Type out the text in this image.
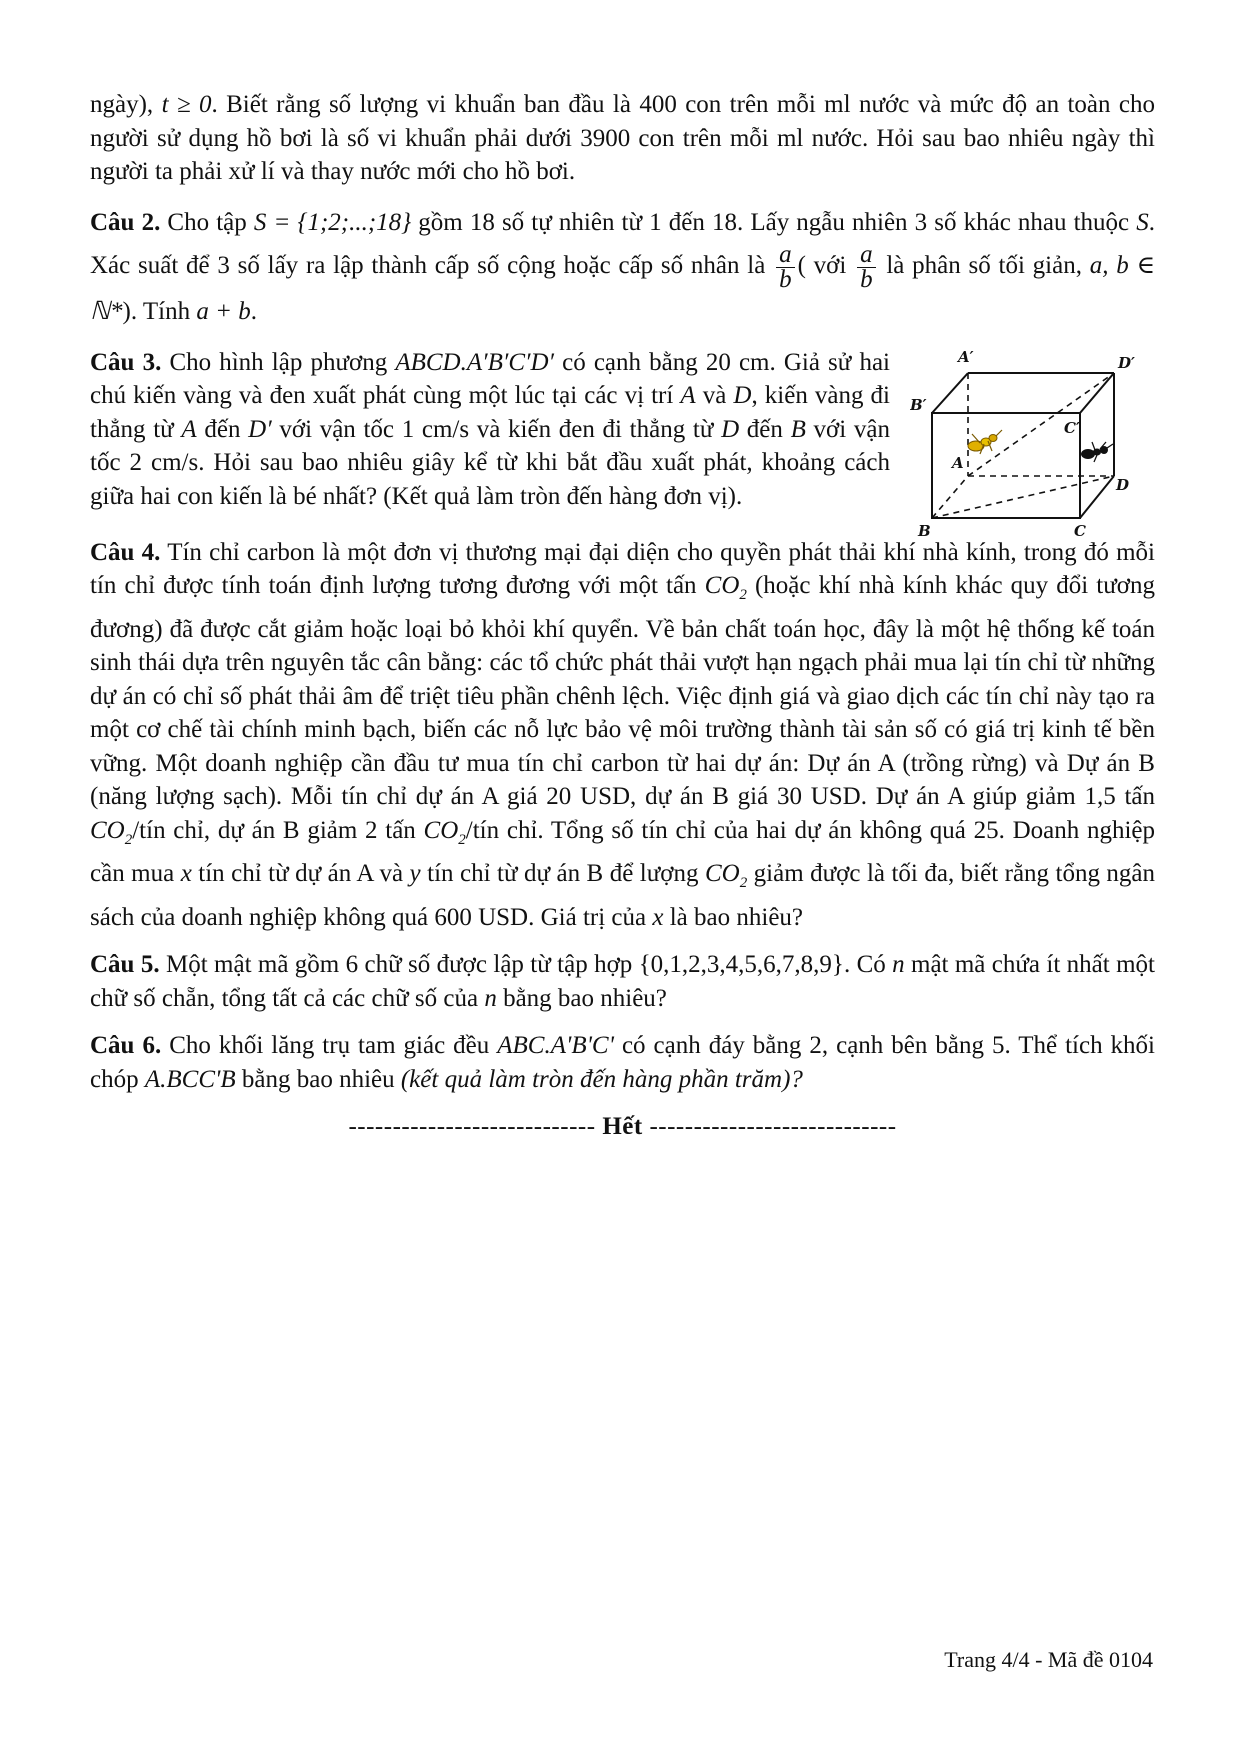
ngày), t ≥ 0. Biết rằng số lượng vi khuẩn ban đầu là 400 con trên mỗi ml nước và mức độ an toàn cho người sử dụng hồ bơi là số vi khuẩn phải dưới 3900 con trên mỗi ml nước. Hỏi sau bao nhiêu ngày thì người ta phải xử lí và thay nước mới cho hồ bơi.

Câu 2. Cho tập S = {1;2;...;18} gồm 18 số tự nhiên từ 1 đến 18. Lấy ngẫu nhiên 3 số khác nhau thuộc S. Xác suất để 3 số lấy ra lập thành cấp số cộng hoặc cấp số nhân là $\frac{a}{b}$ ( với $\frac{a}{b}$ là phân số tối giản, a, b ∈ ℕ*). Tính a + b.

Câu 3. Cho hình lập phương ABCD.A′B′C′D′ có cạnh bằng 20 cm. Giả sử hai chú kiến vàng và đen xuất phát cùng một lúc tại các vị trí A và D, kiến vàng đi thẳng từ A đến D′ với vận tốc 1 cm/s và kiến đen đi thẳng từ D đến B với vận tốc 2 cm/s. Hỏi sau bao nhiêu giây kể từ khi bắt đầu xuất phát, khoảng cách giữa hai con kiến là bé nhất? (Kết quả làm tròn đến hàng đơn vị).

A′	D′
B′
C′
A
D
B	C

Câu 4. Tín chỉ carbon là một đơn vị thương mại đại diện cho quyền phát thải khí nhà kính, trong đó mỗi tín chỉ được tính toán định lượng tương đương với một tấn $CO_2$ (hoặc khí nhà kính khác quy đổi tương đương) đã được cắt giảm hoặc loại bỏ khỏi khí quyển. Về bản chất toán học, đây là một hệ thống kế toán sinh thái dựa trên nguyên tắc cân bằng: các tổ chức phát thải vượt hạn ngạch phải mua lại tín chỉ từ những dự án có chỉ số phát thải âm để triệt tiêu phần chênh lệch. Việc định giá và giao dịch các tín chỉ này tạo ra một cơ chế tài chính minh bạch, biến các nỗ lực bảo vệ môi trường thành tài sản số có giá trị kinh tế bền vững. Một doanh nghiệp cần đầu tư mua tín chỉ carbon từ hai dự án: Dự án A (trồng rừng) và Dự án B (năng lượng sạch). Mỗi tín chỉ dự án A giá 20 USD, dự án B giá 30 USD. Dự án A giúp giảm 1,5 tấn $CO_2$/tín chỉ, dự án B giảm 2 tấn $CO_2$/tín chỉ. Tổng số tín chỉ của hai dự án không quá 25. Doanh nghiệp cần mua x tín chỉ từ dự án A và y tín chỉ từ dự án B để lượng $CO_2$ giảm được là tối đa, biết rằng tổng ngân sách của doanh nghiệp không quá 600 USD. Giá trị của x là bao nhiêu?

Câu 5. Một mật mã gồm 6 chữ số được lập từ tập hợp {0,1,2,3,4,5,6,7,8,9}. Có n mật mã chứa ít nhất một chữ số chẵn, tổng tất cả các chữ số của n bằng bao nhiêu?

Câu 6. Cho khối lăng trụ tam giác đều ABC.A'B'C' có cạnh đáy bằng 2, cạnh bên bằng 5. Thể tích khối chóp A.BCC'B bằng bao nhiêu (kết quả làm tròn đến hàng phần trăm)?

---------------------------- Hết ----------------------------
Trang 4/4 - Mã đề 0104
